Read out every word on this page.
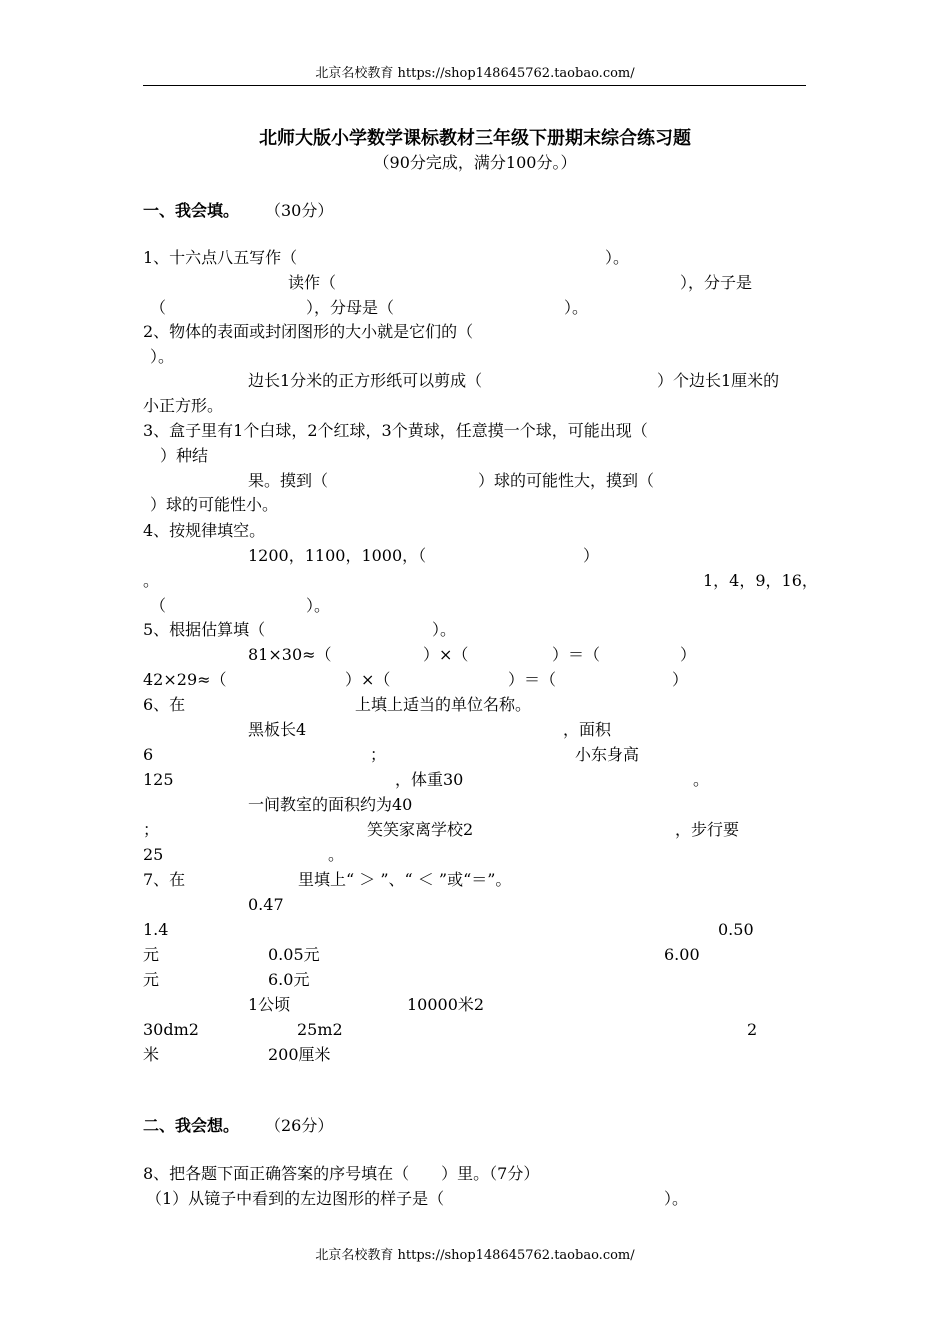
北京名校教育 https://shop148645762.taobao.com/
北师大版小学数学课标教材三年级下册期末综合练习题
（90分完成，满分100分。）
一、我会填。 （30分）
1、十六点八五写作（	）。
读作（	），分子是
（	），分母是（	）。
2、物体的表面或封闭图形的大小就是它们的（
）。
边长1分米的正方形纸可以剪成（	）个边长1厘米的
小正方形。
3、盒子里有1个白球，2个红球，3个黄球，任意摸一个球，可能出现（
）种结
果。摸到（	）球的可能性大，摸到（
）球的可能性小。
4、按规律填空。
1200，1100，1000，（	）
。	1，4，9，16，
（	）。
5、根据估算填（	）。
81×30≈（	）×（	）＝（	）
42×29≈（	）×（	）＝（	）
6、在	上填上适当的单位名称。
黑板长4	，面积
6	；	小东身高
125	，体重30	。
一间教室的面积约为40
；	笑笑家离学校2	，步行要
25	。
7、在	里填上“ ＞ ”、“ ＜ ”或“＝”。
0.47
1.4	0.50
元	0.05元	6.00
元	6.0元
1公顷	10000米2
30dm2	25m2	2
米	200厘米
二、我会想。 （26分）
8、把各题下面正确答案的序号填在（　　）里。（7分）
（1）从镜子中看到的左边图形的样子是（	）。
北京名校教育 https://shop148645762.taobao.com/
